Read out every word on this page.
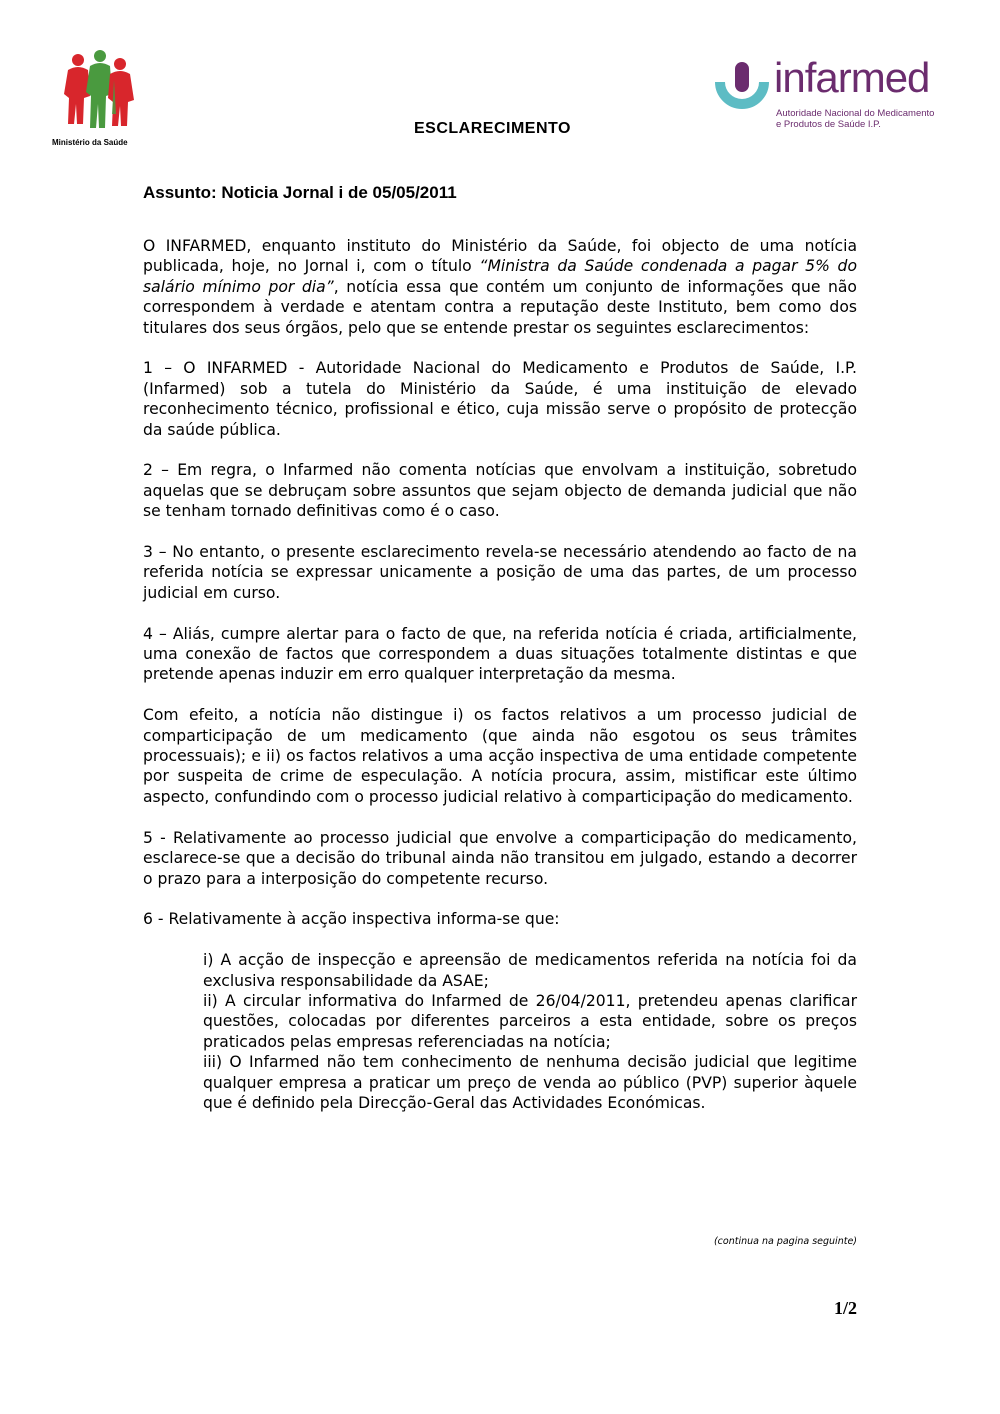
Ministério da Saúde
infarmed
Autoridade Nacional do Medicamento
e Produtos de Saúde I.P.
ESCLARECIMENTO
Assunto: Noticia Jornal i de 05/05/2011

O INFARMED, enquanto instituto do Ministério da Saúde, foi objecto de uma notícia publicada, hoje, no Jornal i, com o título “Ministra da Saúde condenada a pagar 5% do salário mínimo por dia”, notícia essa que contém um conjunto de informações que não correspondem à verdade e atentam contra a reputação deste Instituto, bem como dos titulares dos seus órgãos, pelo que se entende prestar os seguintes esclarecimentos:

1 – O INFARMED - Autoridade Nacional do Medicamento e Produtos de Saúde, I.P. (Infarmed) sob a tutela do Ministério da Saúde, é uma instituição de elevado reconhecimento técnico, profissional e ético, cuja missão serve o propósito de protecção da saúde pública.

2 – Em regra, o Infarmed não comenta notícias que envolvam a instituição, sobretudo aquelas que se debruçam sobre assuntos que sejam objecto de demanda judicial que não se tenham tornado definitivas como é o caso.

3 – No entanto, o presente esclarecimento revela-se necessário atendendo ao facto de na referida notícia se expressar unicamente a posição de uma das partes, de um processo judicial em curso.

4 – Aliás, cumpre alertar para o facto de que, na referida notícia é criada, artificialmente, uma conexão de factos que correspondem a duas situações totalmente distintas e que pretende apenas induzir em erro qualquer interpretação da mesma.

Com efeito, a notícia não distingue i) os factos relativos a um processo judicial de comparticipação de um medicamento (que ainda não esgotou os seus trâmites processuais); e ii) os factos relativos a uma acção inspectiva de uma entidade competente por suspeita de crime de especulação. A notícia procura, assim, mistificar este último aspecto, confundindo com o processo judicial relativo à comparticipação do medicamento.

5 - Relativamente ao processo judicial que envolve a comparticipação do medicamento, esclarece-se que a decisão do tribunal ainda não transitou em julgado, estando a decorrer o prazo para a interposição do competente recurso.

6 - Relativamente à acção inspectiva informa-se que:

i) A acção de inspecção e apreensão de medicamentos referida na notícia foi da exclusiva responsabilidade da ASAE;

ii) A circular informativa do Infarmed de 26/04/2011, pretendeu apenas clarificar questões, colocadas por diferentes parceiros a esta entidade, sobre os preços praticados pelas empresas referenciadas na notícia;

iii) O Infarmed não tem conhecimento de nenhuma decisão judicial que legitime qualquer empresa a praticar um preço de venda ao público (PVP) superior àquele que é definido pela Direcção-Geral das Actividades Económicas.

(continua na pagina seguinte)
1/2
